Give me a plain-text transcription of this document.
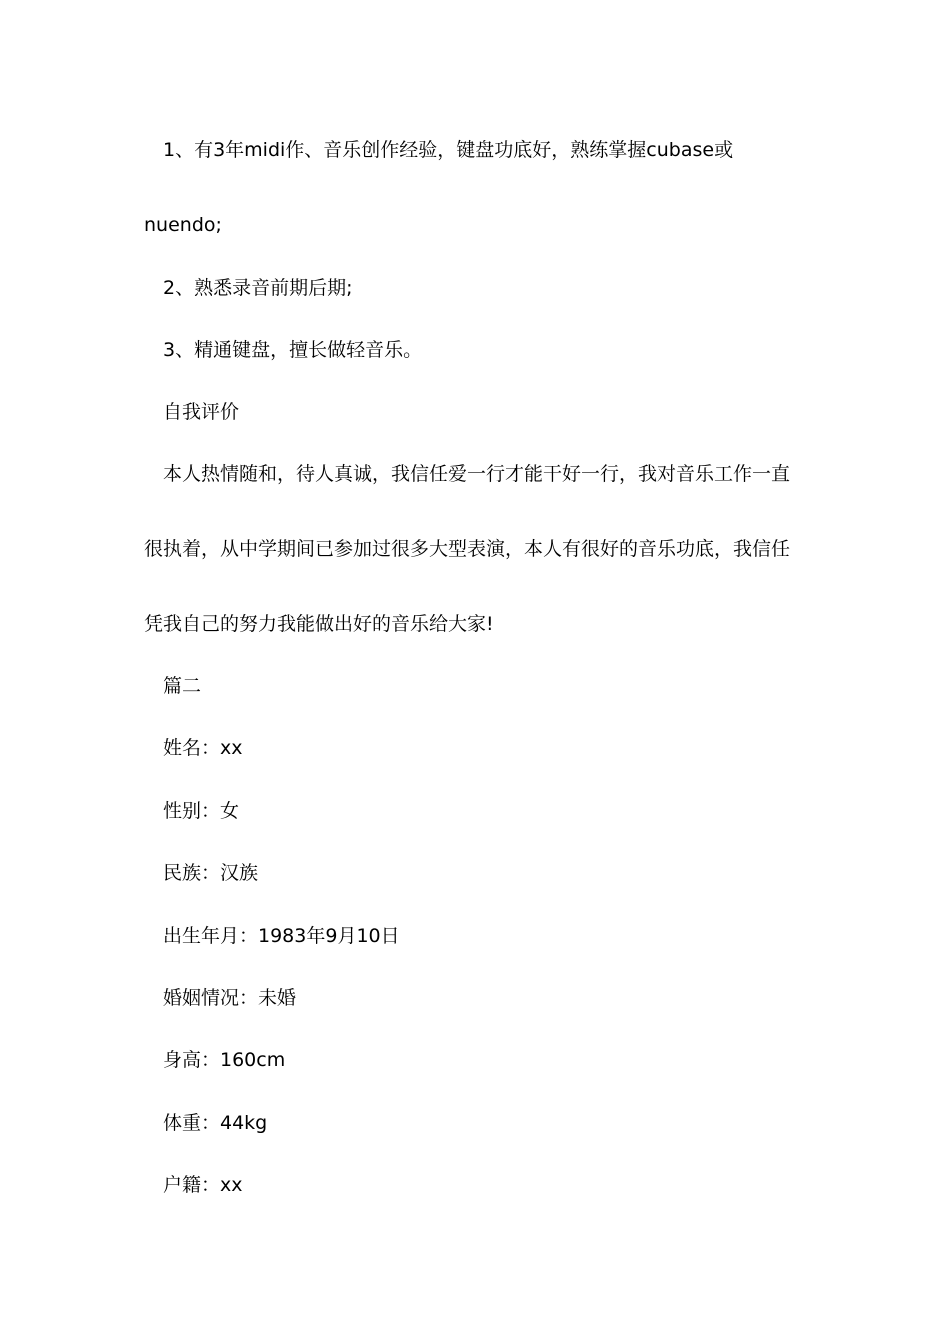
1、有3年midi作、音乐创作经验，键盘功底好，熟练掌握cubase或
nuendo;
2、熟悉录音前期后期;
3、精通键盘，擅长做轻音乐。
自我评价
本人热情随和，待人真诚，我信任爱一行才能干好一行，我对音乐工作一直
很执着，从中学期间已参加过很多大型表演，本人有很好的音乐功底，我信任
凭我自己的努力我能做出好的音乐给大家!
篇二
姓名：xx
性别：女
民族：汉族
出生年月：1983年9月10日
婚姻情况：未婚
身高：160cm
体重：44kg
户籍：xx
